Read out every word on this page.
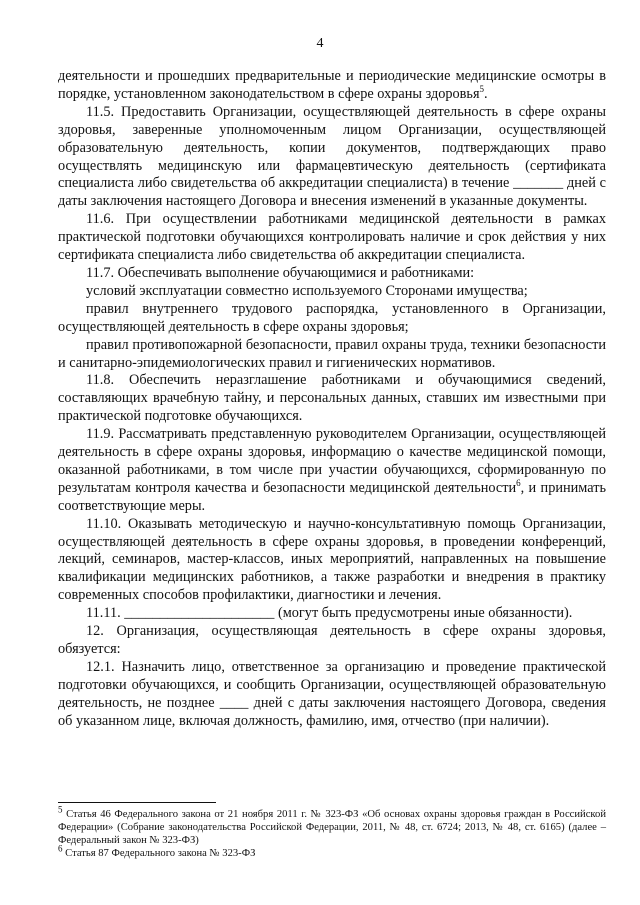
4

деятельности и прошедших предварительные и периодические медицинские осмотры в порядке, установленном законодательством в сфере охраны здоровья$^5$.

11.5. Предоставить Организации, осуществляющей деятельность в сфере охраны здоровья, заверенные уполномоченным лицом Организации, осуществляющей образовательную деятельность, копии документов, подтверждающих право осуществлять медицинскую или фармацевтическую деятельность (сертификата специалиста либо свидетельства об аккредитации специалиста) в течение _______ дней с даты заключения настоящего Договора и внесения изменений в указанные документы.

11.6. При осуществлении работниками медицинской деятельности в рамках практической подготовки обучающихся контролировать наличие и срок действия у них сертификата специалиста либо свидетельства об аккредитации специалиста.

11.7. Обеспечивать выполнение обучающимися и работниками:

условий эксплуатации совместно используемого Сторонами имущества;

правил внутреннего трудового распорядка, установленного в Организации, осуществляющей деятельность в сфере охраны здоровья;

правил противопожарной безопасности, правил охраны труда, техники безопасности и санитарно-эпидемиологических правил и гигиенических нормативов.

11.8. Обеспечить неразглашение работниками и обучающимися сведений, составляющих врачебную тайну, и персональных данных, ставших им известными при практической подготовке обучающихся.

11.9. Рассматривать представленную руководителем Организации, осуществляющей деятельность в сфере охраны здоровья, информацию о качестве медицинской помощи, оказанной работниками, в том числе при участии обучающихся, сформированную по результатам контроля качества и безопасности медицинской деятельности$^6$, и принимать соответствующие меры.

11.10. Оказывать методическую и научно-консультативную помощь Организации, осуществляющей деятельность в сфере охраны здоровья, в проведении конференций, лекций, семинаров, мастер-классов, иных мероприятий, направленных на повышение квалификации медицинских работников, а также разработки и внедрения в практику современных способов профилактики, диагностики и лечения.

11.11. _____________________ (могут быть предусмотрены иные обязанности).

12. Организация, осуществляющая деятельность в сфере охраны здоровья, обязуется:

12.1. Назначить лицо, ответственное за организацию и проведение практической подготовки обучающихся, и сообщить Организации, осуществляющей образовательную деятельность, не позднее ____ дней с даты заключения настоящего Договора, сведения об указанном лице, включая должность, фамилию, имя, отчество (при наличии).

$^5$ Статья 46 Федерального закона от 21 ноября 2011 г. № 323-ФЗ «Об основах охраны здоровья граждан в Российской Федерации» (Собрание законодательства Российской Федерации, 2011, № 48, ст. 6724; 2013, № 48, ст. 6165) (далее – Федеральный закон № 323-ФЗ)

$^6$ Статья 87 Федерального закона № 323-ФЗ
